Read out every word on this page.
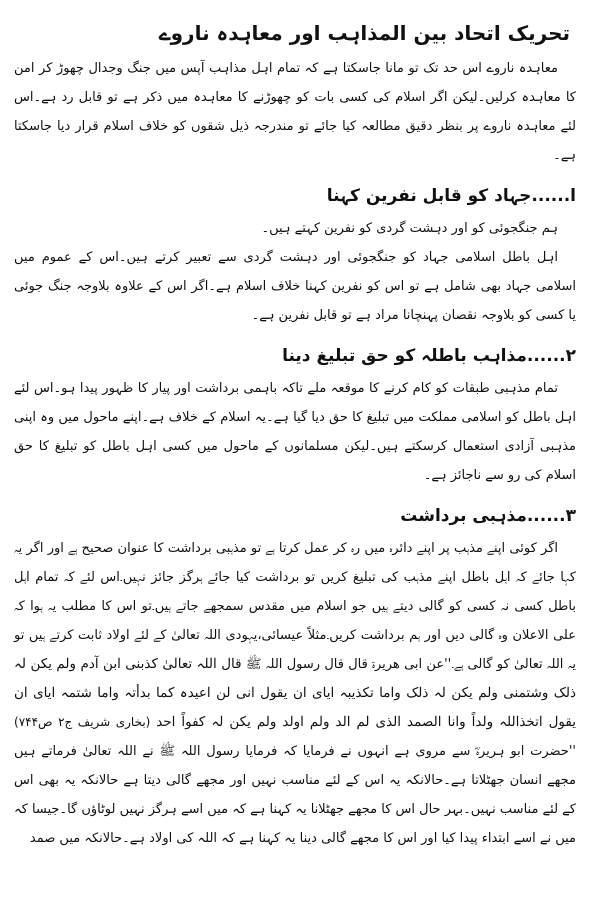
تحریک اتحاد بین المذاہب اور معاہدہ ناروے

معاہدہ ناروے اس حد تک تو مانا جاسکتا ہے کہ تمام اہل مذاہب آپس میں جنگ وجدال چھوڑ کر امن کا معاہدہ کرلیں۔لیکن اگر اسلام کی کسی بات کو چھوڑنے کا معاہدہ میں ذکر ہے تو قابل رد ہے۔اس لئے معاہدہ ناروے پر بنظر دقیق مطالعہ کیا جائے تو مندرجہ ذیل شقوں کو خلاف اسلام قرار دیا جاسکتا ہے۔

ا......جہاد کو قابل نفرین کہنا

ہم جنگجوئی کو اور دہشت گردی کو نفرین کہتے ہیں۔

اہل باطل اسلامی جہاد کو جنگجوئی اور دہشت گردی سے تعبیر کرتے ہیں۔اس کے عموم میں اسلامی جہاد بھی شامل ہے تو اس کو نفرین کہنا خلاف اسلام ہے۔اگر اس کے علاوہ بلاوجہ جنگ جوئی یا کسی کو بلاوجہ نقصان پہنچانا مراد ہے تو قابل نفرین ہے۔

۲......مذاہب باطلہ کو حق تبلیغ دینا

تمام مذہبی طبقات کو کام کرنے کا موقعہ ملے تاکہ باہمی برداشت اور پیار کا ظہور پیدا ہو۔اس لئے اہل باطل کو اسلامی مملکت میں تبلیغ کا حق دیا گیا ہے۔یہ اسلام کے خلاف ہے۔اپنے ماحول میں وہ اپنی مذہبی آزادی استعمال کرسکتے ہیں۔لیکن مسلمانوں کے ماحول میں کسی اہل باطل کو تبلیغ کا حق اسلام کی رو سے ناجائز ہے۔

۳......مذہبی برداشت

اگر کوئی اپنے مذہب پر اپنے دائرہ میں رہ کر عمل کرتا ہے تو مذہبی برداشت کا عنوان صحیح ہے اور اگر یہ کہا جائے کہ اہل باطل اپنے مذہب کی تبلیغ کریں تو برداشت کیا جائے ہرگز جائز نہیں۔اس لئے کہ تمام اہل باطل کسی نہ کسی کو گالی دیتے ہیں جو اسلام میں مقدس سمجھے جاتے ہیں۔تو اس کا مطلب یہ ہوا کہ علی الاعلان وہ گالی دیں اور ہم برداشت کریں۔مثلاً عیسائی،یہودی اللہ تعالیٰ کے لئے اولاد ثابت کرتے ہیں تو یہ اللہ تعالیٰ کو گالی ہے۔''عن ابی ھریرۃ قال قال رسول اللہ ﷺ قال اللہ تعالیٰ کذبنی ابن آدم ولم یکن لہ ذلک وشتمنی ولم یکن لہ ذلک واما تکذیبہ ایای ان یقول انی لن اعیدہ کما بدأتہ واما شتمہ ایای ان یقول اتخذاللہ ولداً وانا الصمد الذی لم الد ولم اولد ولم یکن لہ کفواً احد (بخاری شریف ج۲ ص۷۴۴) ''حضرت ابو ہریرہؓ سے مروی ہے انہوں نے فرمایا کہ فرمایا رسول اللہ ﷺ نے اللہ تعالیٰ فرماتے ہیں مجھے انسان جھٹلاتا ہے۔حالانکہ یہ اس کے لئے مناسب نہیں اور مجھے گالی دیتا ہے حالانکہ یہ بھی اس کے لئے مناسب نہیں۔بہر حال اس کا مجھے جھٹلانا یہ کہنا ہے کہ میں اسے ہرگز نہیں لوٹاؤں گا۔جیسا کہ میں نے اسے ابتداء پیدا کیا اور اس کا مجھے گالی دینا یہ کہنا ہے کہ اللہ کی اولاد ہے۔حالانکہ میں صمد
